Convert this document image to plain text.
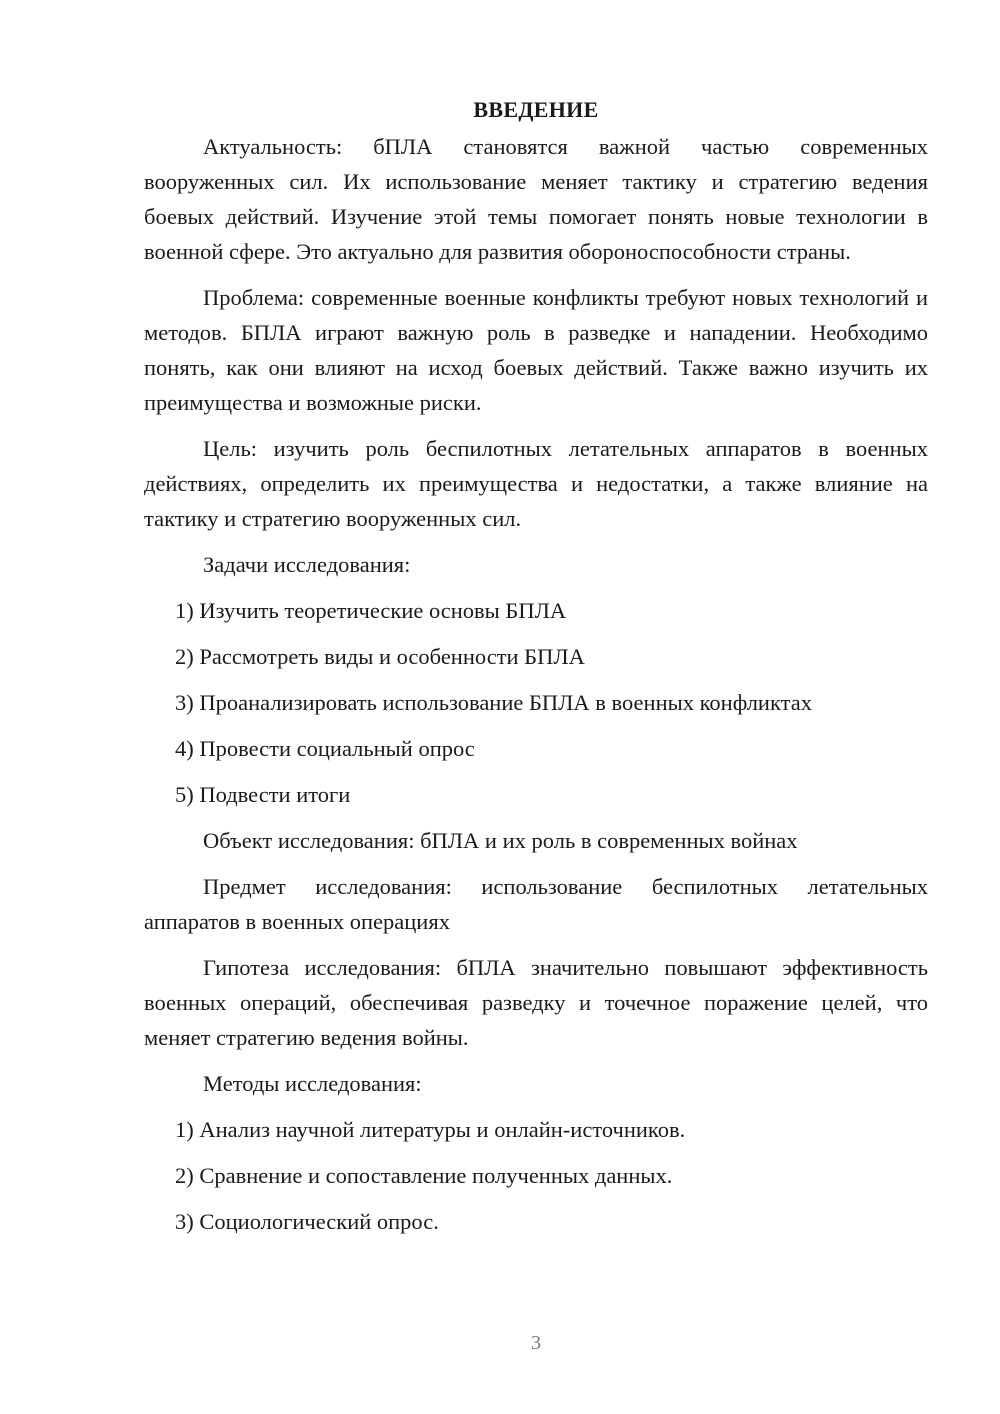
ВВЕДЕНИЕ

Актуальность: бПЛА становятся важной частью современных вооруженных сил. Их использование меняет тактику и стратегию ведения боевых действий. Изучение этой темы помогает понять новые технологии в военной сфере. Это актуально для развития обороноспособности страны.

Проблема: современные военные конфликты требуют новых технологий и методов. БПЛА играют важную роль в разведке и нападении. Необходимо понять, как они влияют на исход боевых действий. Также важно изучить их преимущества и возможные риски.

Цель: изучить роль беспилотных летательных аппаратов в военных действиях, определить их преимущества и недостатки, а также влияние на тактику и стратегию вооруженных сил.

Задачи исследования:

1) Изучить теоретические основы БПЛА
2) Рассмотреть виды и особенности БПЛА
3) Проанализировать использование БПЛА в военных конфликтах
4) Провести социальный опрос
5) Подвести итоги

Объект исследования: бПЛА и их роль в современных войнах

Предмет исследования: использование беспилотных летательных аппаратов в военных операциях

Гипотеза исследования: бПЛА значительно повышают эффективность военных операций, обеспечивая разведку и точечное поражение целей, что меняет стратегию ведения войны.

Методы исследования:

1) Анализ научной литературы и онлайн-источников.
2) Сравнение и сопоставление полученных данных.
3) Социологический опрос.
3
